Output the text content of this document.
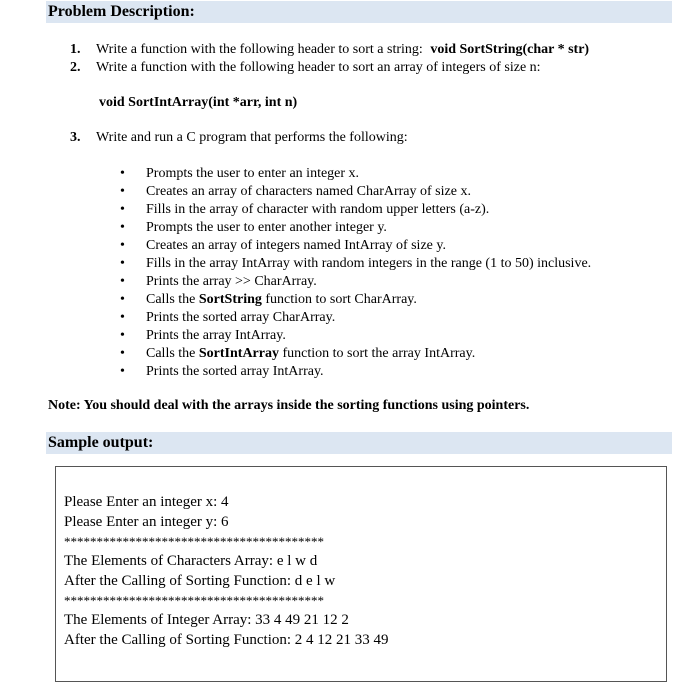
Problem Description:
1. Write a function with the following header to sort a string: void SortString(char * str)
2. Write a function with the following header to sort an array of integers of size n:
void SortIntArray(int *arr, int n)
3. Write and run a C program that performs the following:
• Prompts the user to enter an integer x.
• Creates an array of characters named CharArray of size x.
• Fills in the array of character with random upper letters (a-z).
• Prompts the user to enter another integer y.
• Creates an array of integers named IntArray of size y.
• Fills in the array IntArray with random integers in the range (1 to 50) inclusive.
• Prints the array >> CharArray.
• Calls the SortString function to sort CharArray.
• Prints the sorted array CharArray.
• Prints the array IntArray.
• Calls the SortIntArray function to sort the array IntArray.
• Prints the sorted array IntArray.
Note: You should deal with the arrays inside the sorting functions using pointers.
Sample output:
Please Enter an integer x: 4
Please Enter an integer y: 6
****************************************
The Elements of Characters Array: e l w d
After the Calling of Sorting Function: d e l w
****************************************
The Elements of Integer Array: 33 4 49 21 12 2
After the Calling of Sorting Function: 2 4 12 21 33 49
